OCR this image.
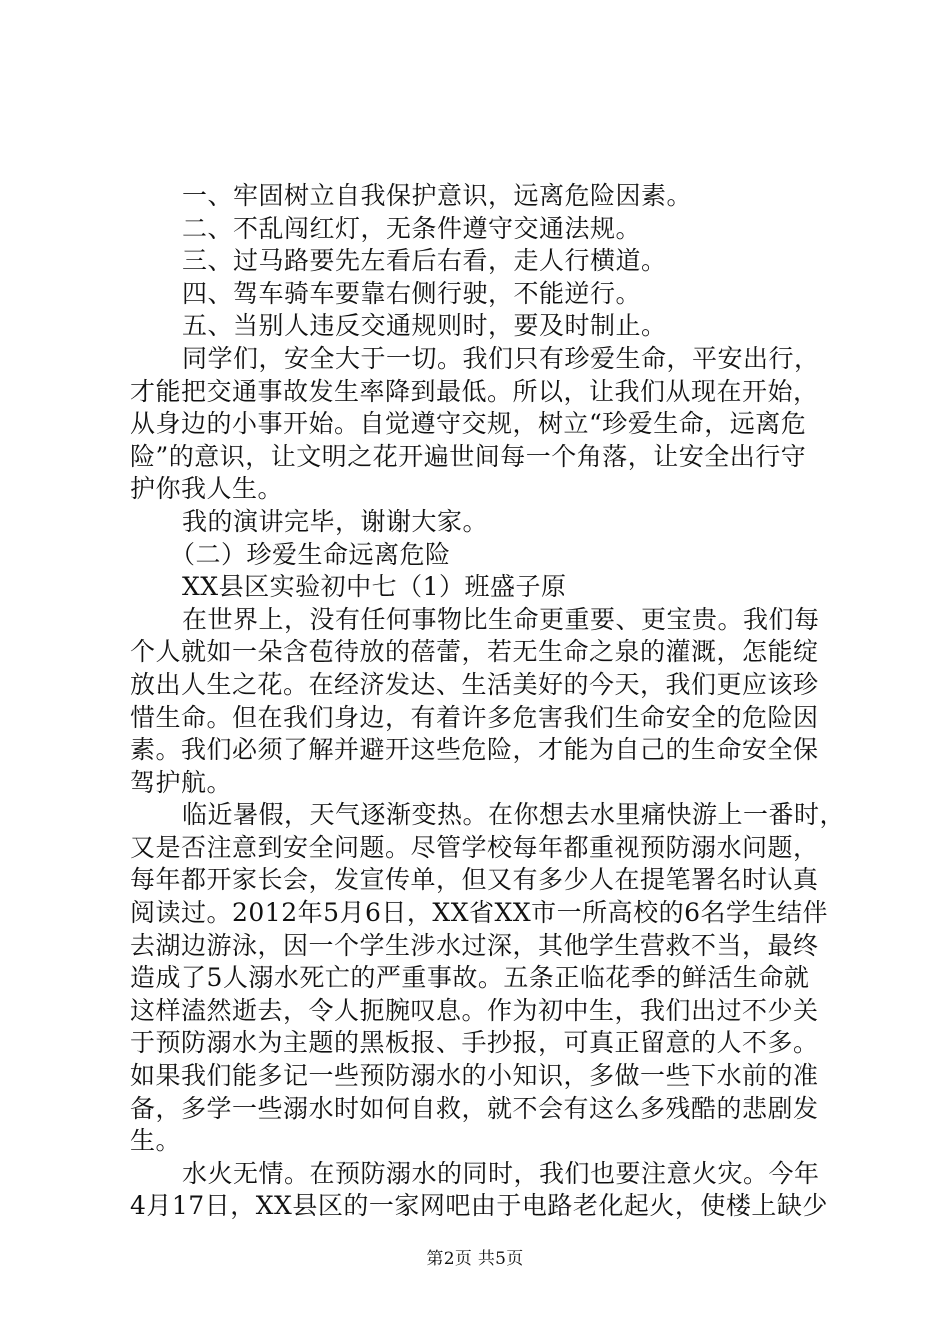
一、牢固树立自我保护意识，远离危险因素。
二、不乱闯红灯，无条件遵守交通法规。
三、过马路要先左看后右看，走人行横道。
四、驾车骑车要靠右侧行驶，不能逆行。
五、当别人违反交通规则时，要及时制止。
同学们，安全大于一切。我们只有珍爱生命，平安出行，
才能把交通事故发生率降到最低。所以，让我们从现在开始，
从身边的小事开始。自觉遵守交规，树立“珍爱生命，远离危
险”的意识，让文明之花开遍世间每一个角落，让安全出行守
护你我人生。
我的演讲完毕，谢谢大家。
（二）珍爱生命远离危险
XX县区实验初中七（1）班盛子原
在世界上，没有任何事物比生命更重要、更宝贵。我们每
个人就如一朵含苞待放的蓓蕾，若无生命之泉的灌溉，怎能绽
放出人生之花。在经济发达、生活美好的今天，我们更应该珍
惜生命。但在我们身边，有着许多危害我们生命安全的危险因
素。我们必须了解并避开这些危险，才能为自己的生命安全保
驾护航。
临近暑假，天气逐渐变热。在你想去水里痛快游上一番时，
又是否注意到安全问题。尽管学校每年都重视预防溺水问题，
每年都开家长会，发宣传单，但又有多少人在提笔署名时认真
阅读过。2012年5月6日，XX省XX市一所高校的6名学生结伴
去湖边游泳，因一个学生涉水过深，其他学生营救不当，最终
造成了5人溺水死亡的严重事故。五条正临花季的鲜活生命就
这样溘然逝去，令人扼腕叹息。作为初中生，我们出过不少关
于预防溺水为主题的黑板报、手抄报，可真正留意的人不多。
如果我们能多记一些预防溺水的小知识，多做一些下水前的准
备，多学一些溺水时如何自救，就不会有这么多残酷的悲剧发
生。
水火无情。在预防溺水的同时，我们也要注意火灾。今年
4月17日，XX县区的一家网吧由于电路老化起火，使楼上缺少
第2页 共5页
